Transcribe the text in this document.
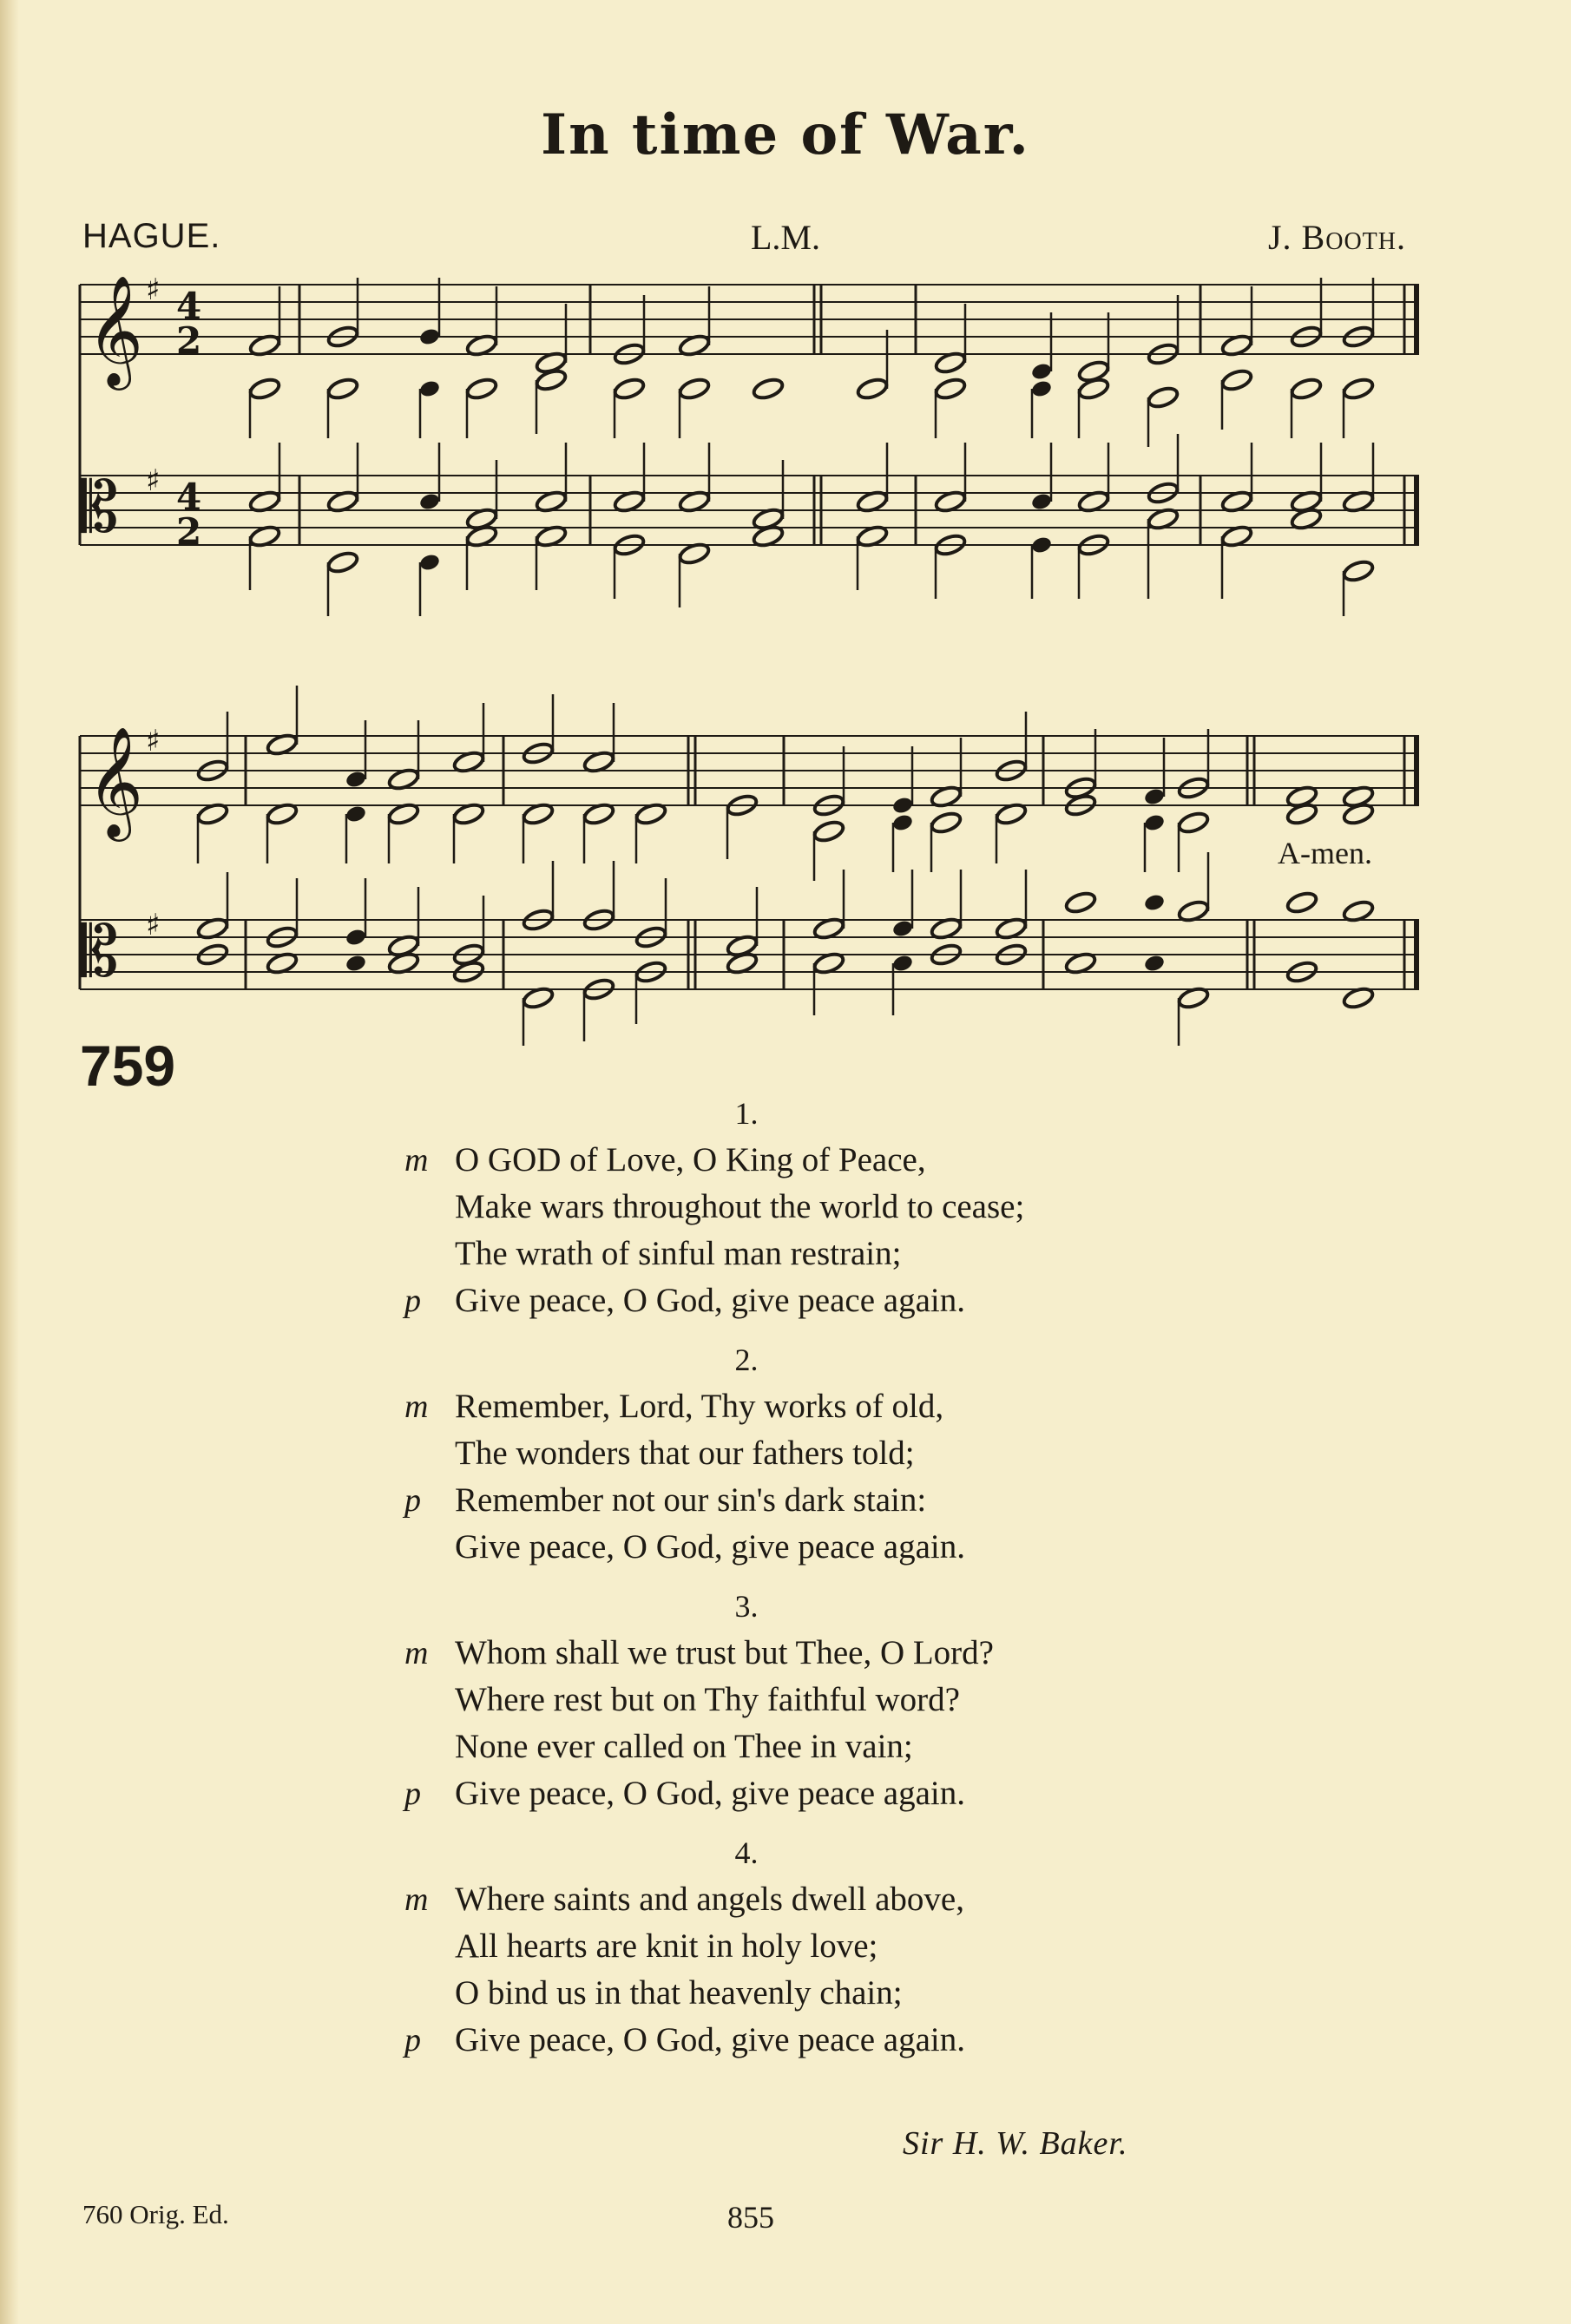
In time of War.
HAGUE.	L.M.	J. Booth.
𝄞
𝄡
𝄞
𝄡
♯
♯
♯
♯
4
2
4
2
A-men.
759
1.
m O GOD of Love, O King of Peace,
Make wars throughout the world to cease;
The wrath of sinful man restrain;
p Give peace, O God, give peace again.
2.
m Remember, Lord, Thy works of old,
The wonders that our fathers told;
p Remember not our sin's dark stain:
Give peace, O God, give peace again.
3.
m Whom shall we trust but Thee, O Lord?
Where rest but on Thy faithful word?
None ever called on Thee in vain;
p Give peace, O God, give peace again.
4.
m Where saints and angels dwell above,
All hearts are knit in holy love;
O bind us in that heavenly chain;
p Give peace, O God, give peace again.
Sir H. W. Baker.
760 Orig. Ed.	855
